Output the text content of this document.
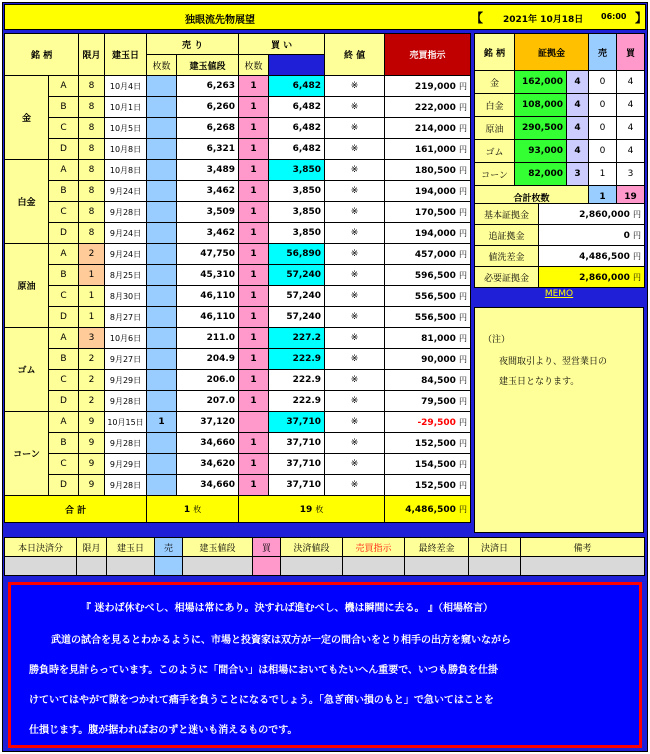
独眼流先物展望	【 2021年 10月18日 06:00 】
銘 柄		限月	建玉日	売 り		買 い		終 値	売買指示	
				枚数	建玉値段	枚数				
金	A	8	10月4日		6,263	1	6,482	※	219,000 円	
	B	8	10月1日		6,260	1	6,482	※	222,000 円	
	C	8	10月5日		6,268	1	6,482	※	214,000 円	
	D	8	10月8日		6,321	1	6,482	※	161,000 円	
白金	A	8	10月8日		3,489	1	3,850	※	180,500 円	
	B	8	9月24日		3,462	1	3,850	※	194,000 円	
	C	8	9月28日		3,509	1	3,850	※	170,500 円	
	D	8	9月24日		3,462	1	3,850	※	194,000 円	
原油	A	2	9月24日		47,750	1	56,890	※	457,000 円	
	B	1	8月25日		45,310	1	57,240	※	596,500 円	
	C	1	8月30日		46,110	1	57,240	※	556,500 円	
	D	1	8月27日		46,110	1	57,240	※	556,500 円	
ゴム	A	3	10月6日		211.0	1	227.2	※	81,000 円	
	B	2	9月27日		204.9	1	222.9	※	90,000 円	
	C	2	9月29日		206.0	1	222.9	※	84,500 円	
	D	2	9月28日		207.0	1	222.9	※	79,500 円	
コーン	A	9	10月15日	1	37,120		37,710	※	-29,500 円	
	B	9	9月28日		34,660	1	37,710	※	152,500 円	
	C	9	9月29日		34,620	1	37,710	※	154,500 円	
	D	9	9月28日		34,660	1	37,710	※	152,500 円	
合 計				1 枚		19 枚			4,486,500 円	
銘 柄	証拠金		売	買
金	162,000	4	0	4
白金	108,000	4	0	4
原油	290,500	4	0	4
ゴム	93,000	4	0	4
コーン	82,000	3	1	3
合計枚数			1	19
基本証拠金	2,860,000 円
追証拠金	0 円
値洗差金	4,486,500 円
必要証拠金	2,860,000 円
MEMO
（注）
夜間取引より、翌営業日の
建玉日となります。
本日決済分	限月	建玉日	売	建玉値段	買	決済値段	売買指示	最終差金	決済日	備考

『 迷わば休むべし、相場は常にあり。決すれば進むべし、機は瞬間に去る。 』（相場格言）
武道の試合を見るとわかるように、市場と投資家は双方が一定の間合いをとり相手の出方を窺いながら
勝負時を見計らっています。このように「間合い」は相場においてもたいへん重要で、いつも勝負を仕掛
けていてはやがて隙をつかれて痛手を負うことになるでしょう。「急ぎ商い損のもと」で急いてはことを
仕損じます。腹が据わればおのずと迷いも消えるものです。
